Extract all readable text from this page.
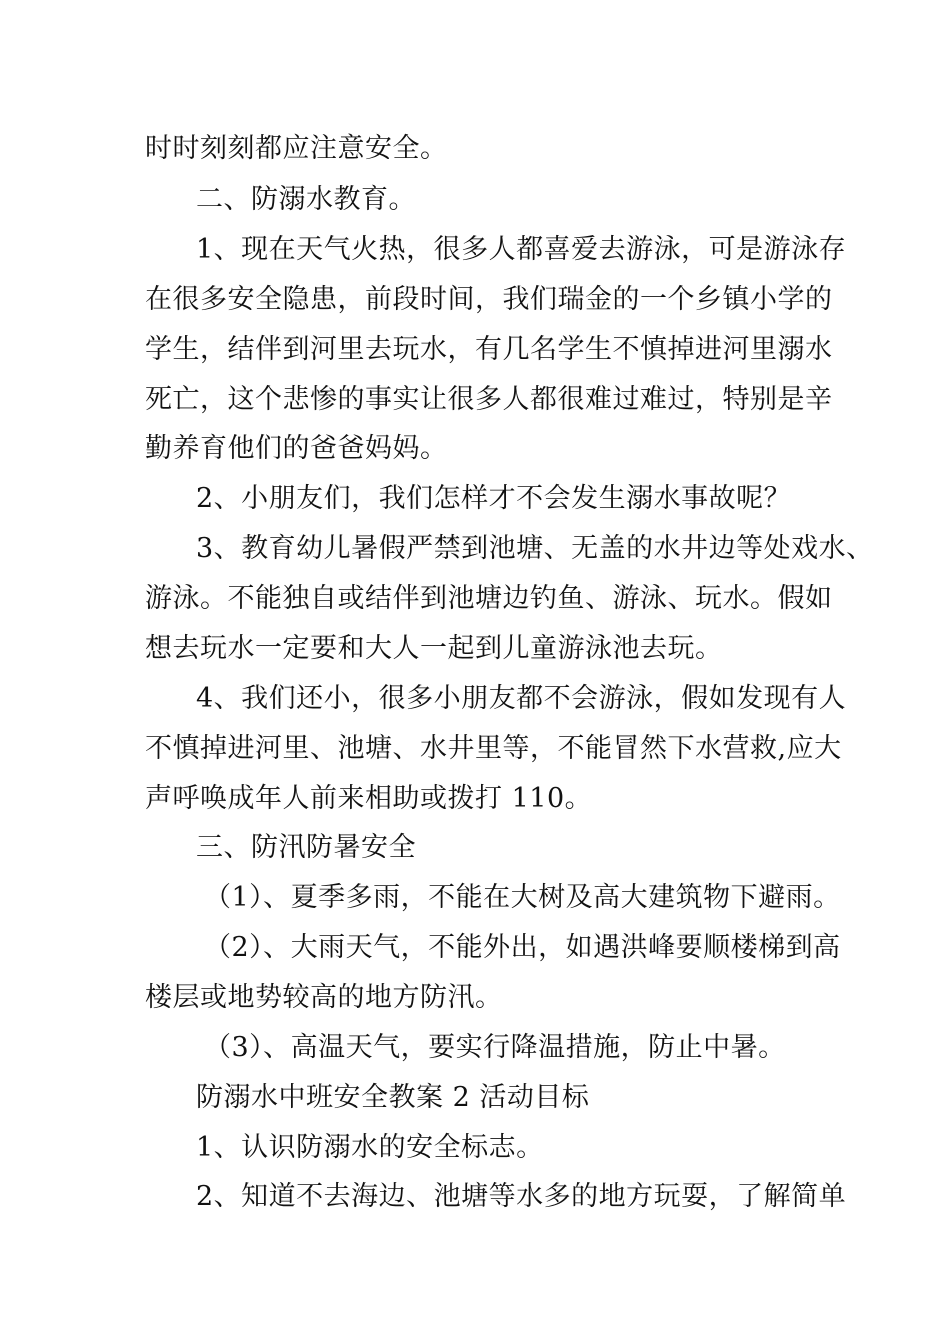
时时刻刻都应注意安全。
二、防溺水教育。
1、现在天气火热，很多人都喜爱去游泳，可是游泳存
在很多安全隐患，前段时间，我们瑞金的一个乡镇小学的
学生，结伴到河里去玩水，有几名学生不慎掉进河里溺水
死亡，这个悲惨的事实让很多人都很难过难过，特别是辛
勤养育他们的爸爸妈妈。
2、小朋友们，我们怎样才不会发生溺水事故呢？
3、教育幼儿暑假严禁到池塘、无盖的水井边等处戏水、
游泳。不能独自或结伴到池塘边钓鱼、游泳、玩水。假如
想去玩水一定要和大人一起到儿童游泳池去玩。
4、我们还小，很多小朋友都不会游泳，假如发现有人
不慎掉进河里、池塘、水井里等，不能冒然下水营救,应大
声呼唤成年人前来相助或拨打 110。
三、防汛防暑安全
（1）、夏季多雨，不能在大树及高大建筑物下避雨。
（2）、大雨天气，不能外出，如遇洪峰要顺楼梯到高
楼层或地势较高的地方防汛。
（3）、高温天气，要实行降温措施，防止中暑。
防溺水中班安全教案 2 活动目标
1、认识防溺水的安全标志。
2、知道不去海边、池塘等水多的地方玩耍，了解简单
